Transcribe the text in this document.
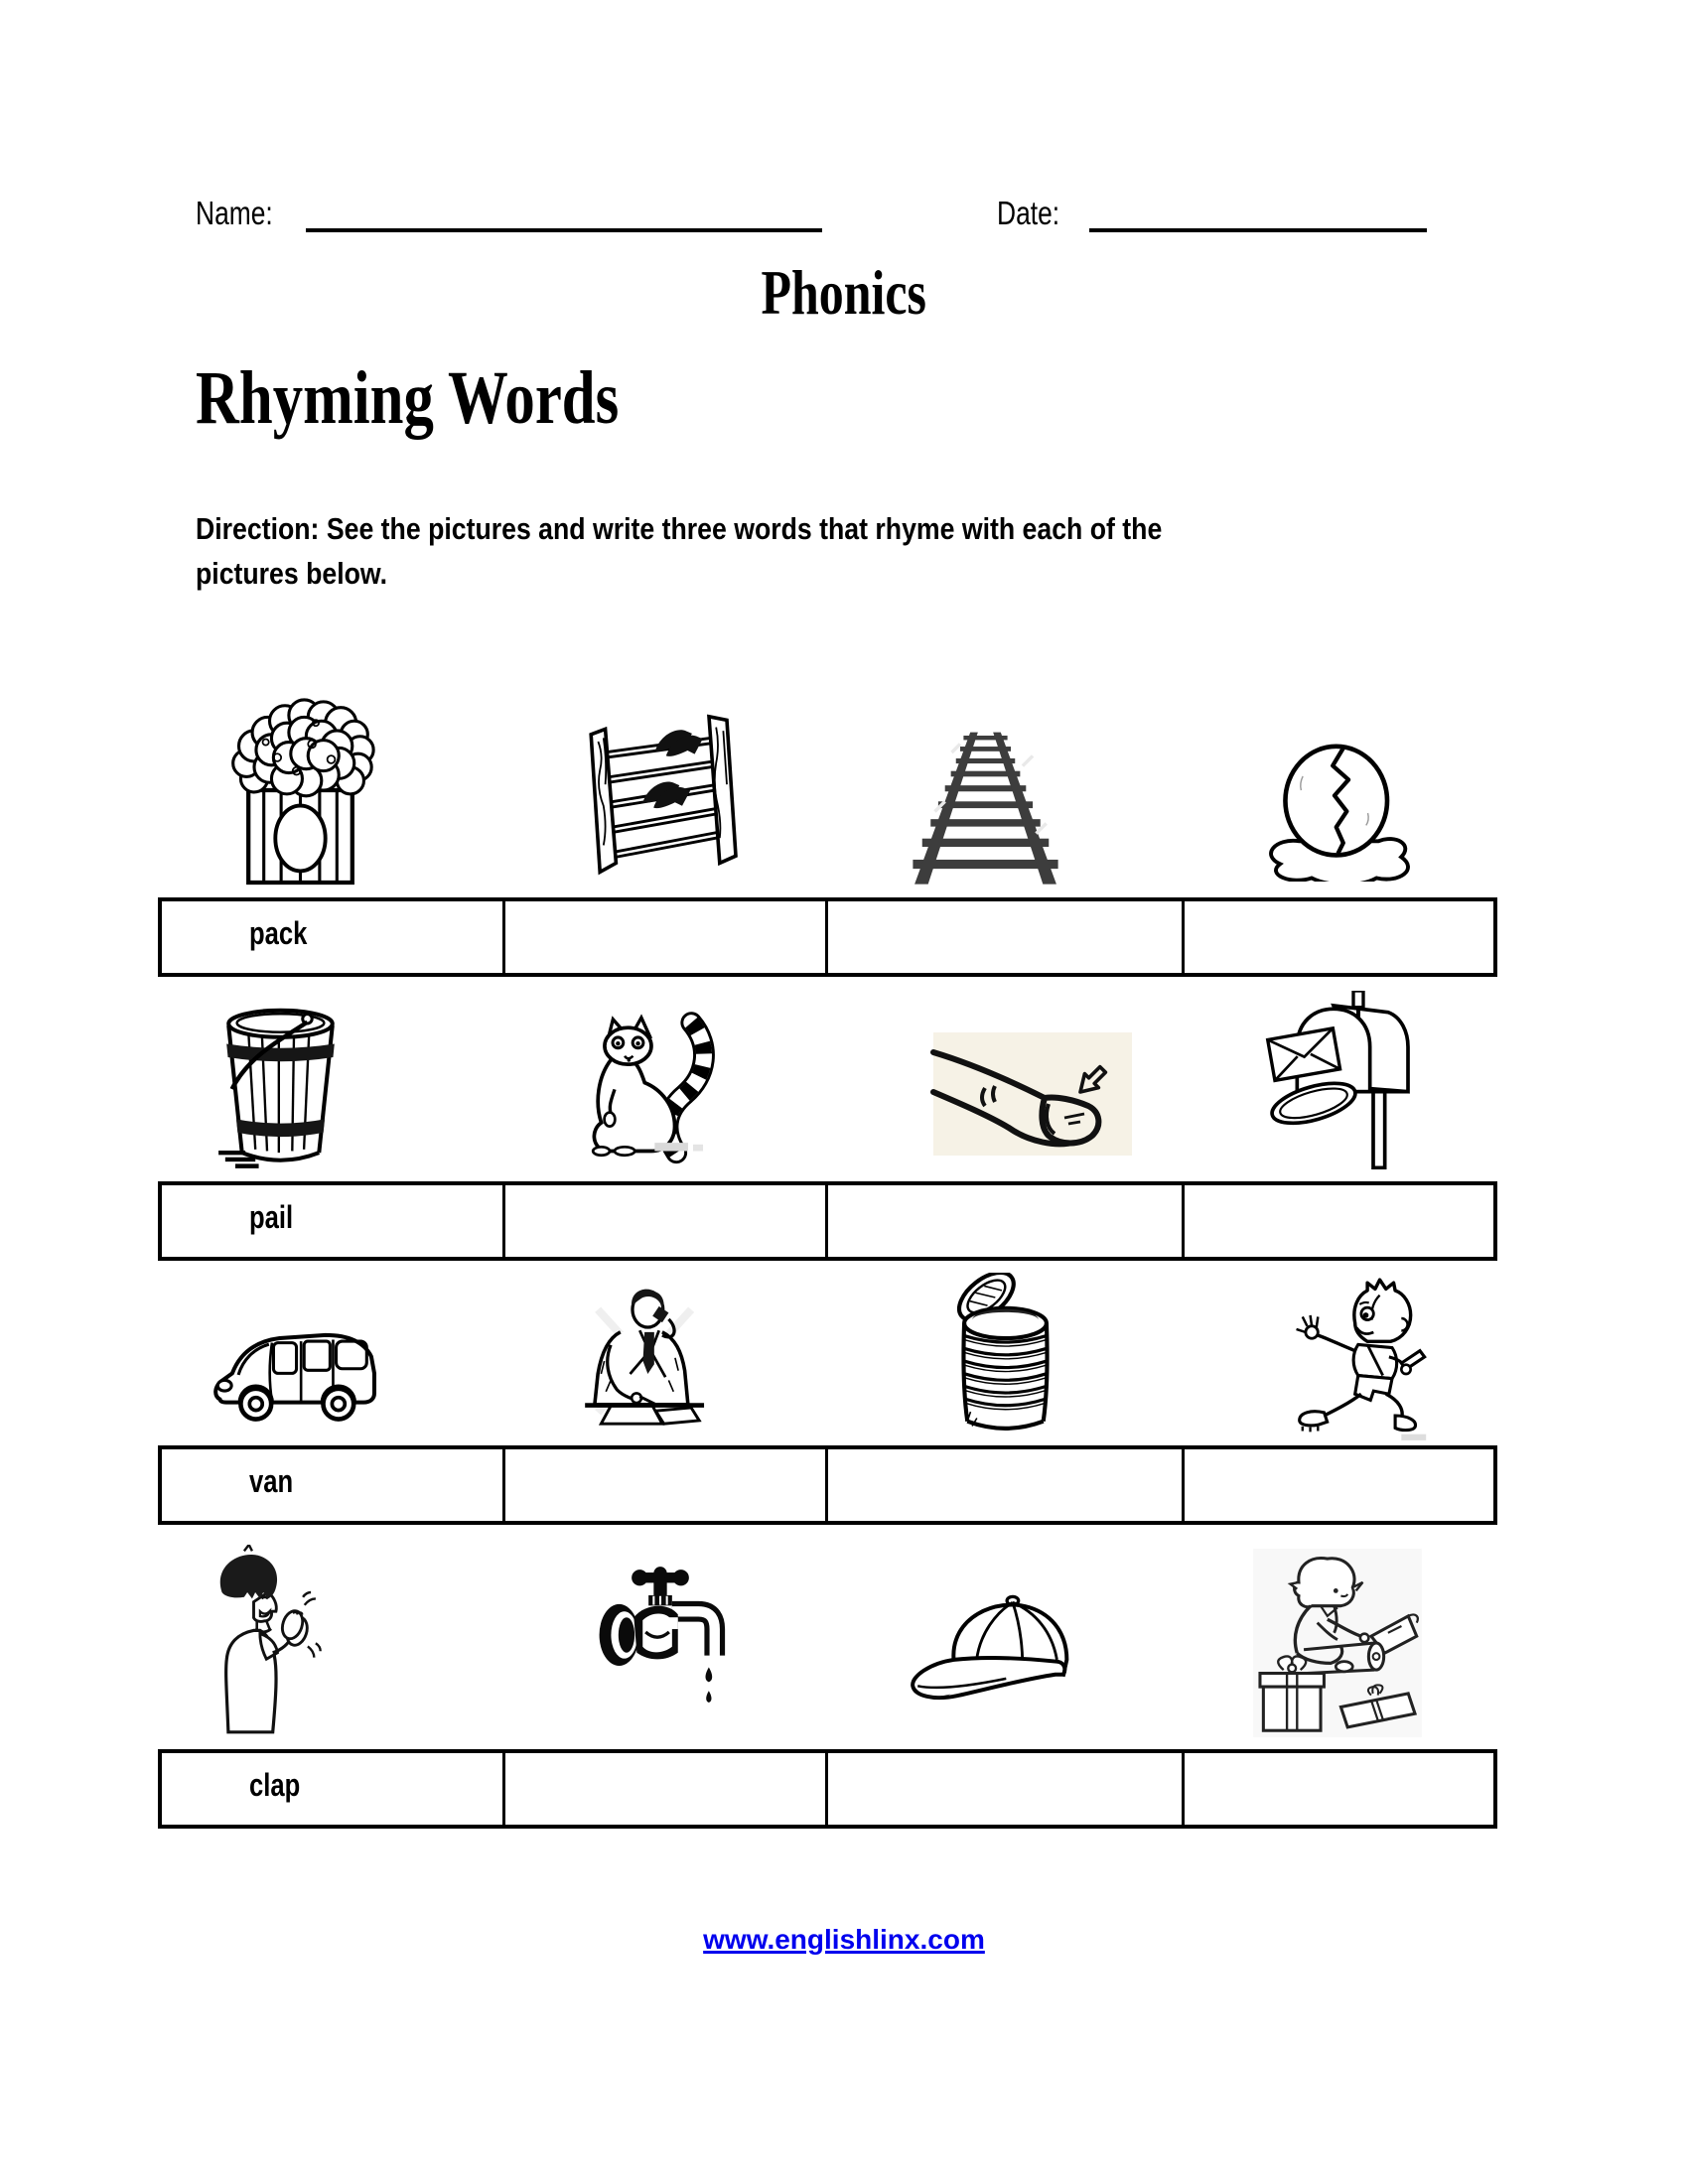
Name:	Date:
Phonics
Rhyming Words
Direction: See the pictures and write three words that rhyme with each of the
pictures below.
pack
pail
van
clap
www.englishlinx.com
